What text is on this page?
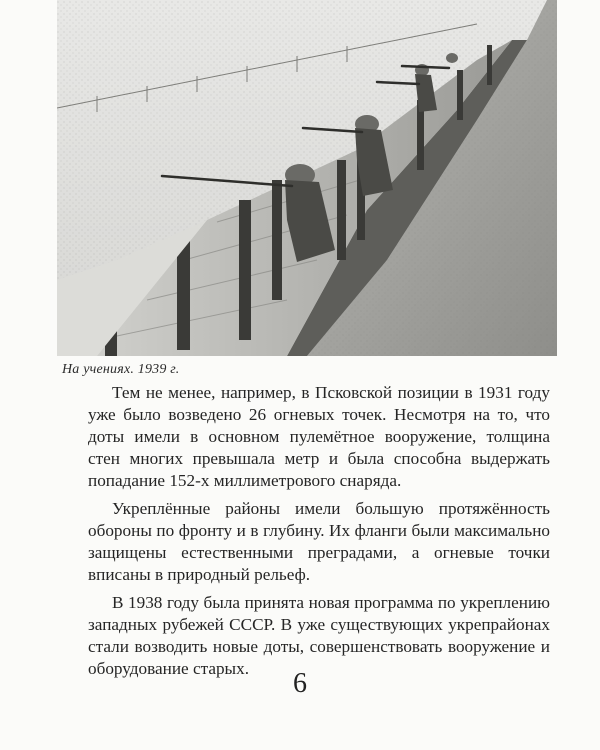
На учениях. 1939 г.

Тем не менее, например, в Псковской позиции в 1931 году уже было возведено 26 огневых точек. Несмотря на то, что доты имели в основном пулемётное вооружение, толщина стен многих превышала метр и была способна выдержать попадание 152-х миллиметрового снаряда.

Укреплённые районы имели большую протяжённость обороны по фронту и в глубину. Их фланги были максимально защищены естественными преградами, а огневые точки вписаны в природный рельеф.

В 1938 году была принята новая программа по укреплению западных рубежей СССР. В уже существующих укрепрайонах стали возводить новые доты, совершенствовать вооружение и оборудование старых.	6
